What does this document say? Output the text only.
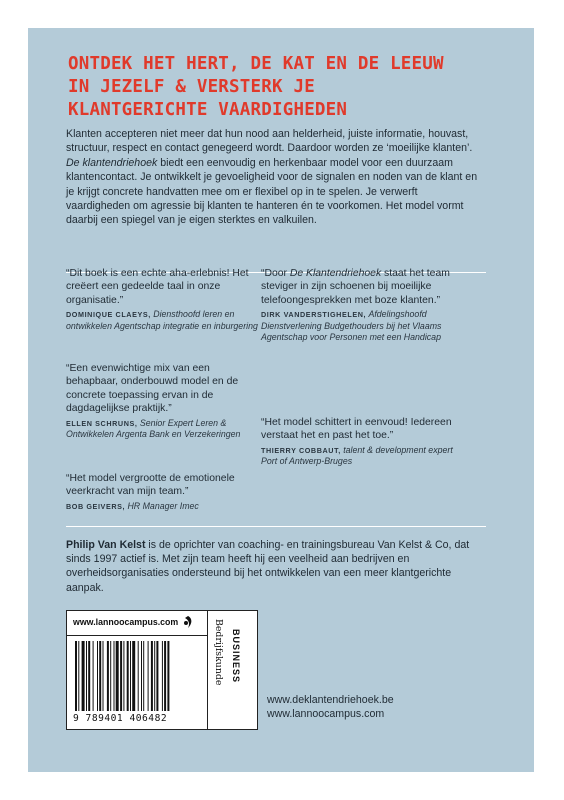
ONTDEK HET HERT, DE KAT EN DE LEEUW
IN JEZELF & VERSTERK JE
KLANTGERICHTE VAARDIGHEDEN

Klanten accepteren niet meer dat hun nood aan helderheid, juiste informatie, houvast, structuur, respect en contact genegeerd wordt. Daardoor worden ze ‘moeilijke klanten’. De klantendriehoek biedt een eenvoudig en herkenbaar model voor een duurzaam klantencontact. Je ontwikkelt je gevoeligheid voor de signalen en noden van de klant en je krijgt concrete handvatten mee om er flexibel op in te spelen. Je verwerft vaardigheden om agressie bij klanten te hanteren én te voorkomen. Het model vormt daarbij een spiegel van je eigen sterktes en valkuilen.

“Dit boek is een echte aha-erlebnis! Het creëert een gedeelde taal in onze organisatie.”

DOMINIQUE CLAEYS, Diensthoofd leren en ontwikkelen Agentschap integratie en inburgering

“Een evenwichtige mix van een behapbaar, onderbouwd model en de concrete toepassing ervan in de dagdagelijkse praktijk.”

ELLEN SCHRUNS, Senior Expert Leren & Ontwikkelen Argenta Bank en Verzekeringen

“Het model vergrootte de emotionele veerkracht van mijn team.”

BOB GEIVERS, HR Manager Imec

“Door De Klantendriehoek staat het team steviger in zijn schoenen bij moeilijke telefoongesprekken met boze klanten.”

DIRK VANDERSTIGHELEN, Afdelingshoofd Dienstverlening Budgethouders bij het Vlaams Agentschap voor Personen met een Handicap

“Het model schittert in eenvoud! Iedereen verstaat het en past het toe.”

THIERRY COBBAUT, talent & development expert Port of Antwerp-Bruges

Philip Van Kelst is de oprichter van coaching- en trainingsbureau Van Kelst & Co, dat sinds 1997 actief is. Met zijn team heeft hij een veelheid aan bedrijven en overheidsorganisaties ondersteund bij het ontwikkelen van een meer klantgerichte aanpak.

www.lannoocampus.com
9 789401 406482
Bedrijfskunde BUSINESS
www.deklantendriehoek.be
www.lannoocampus.com
